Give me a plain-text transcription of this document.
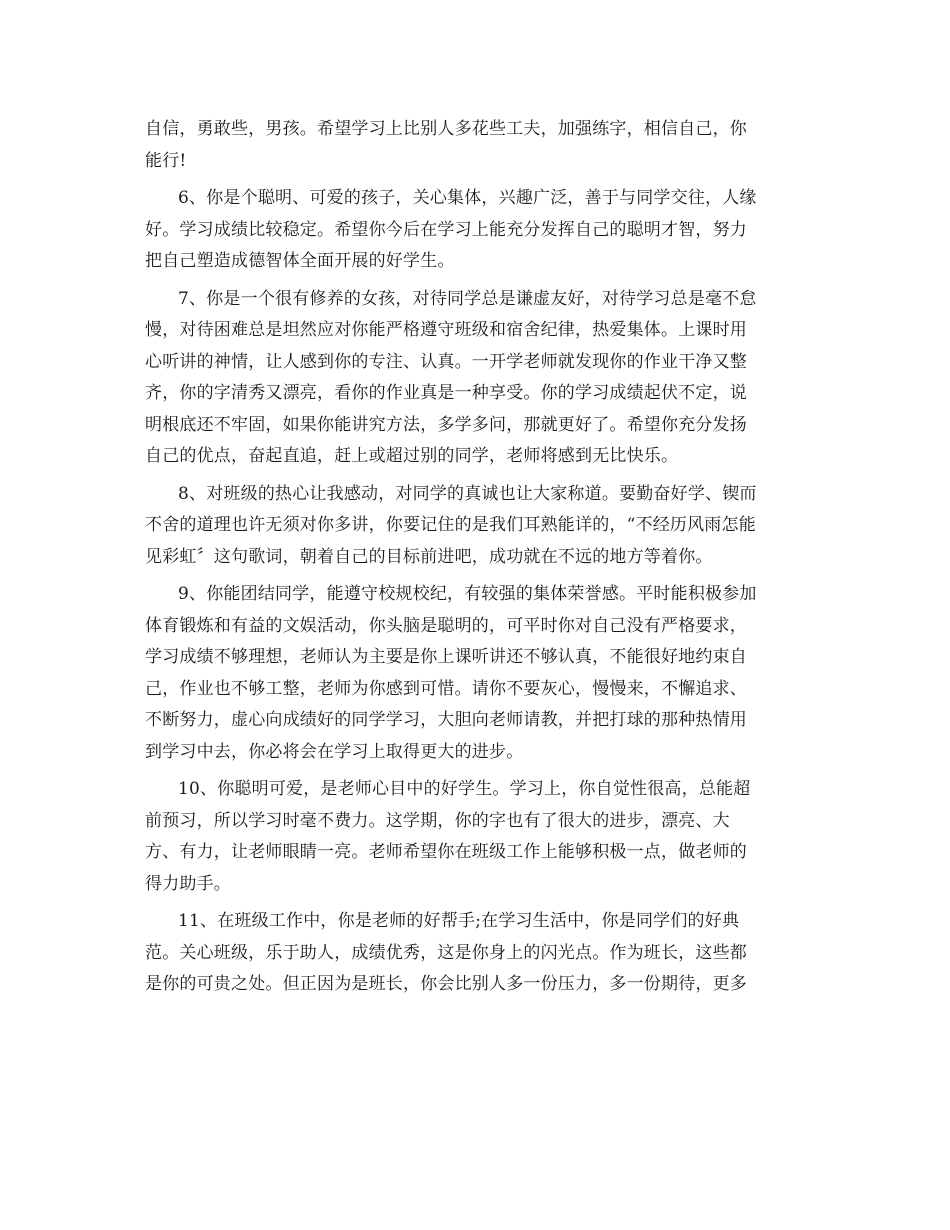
自信，勇敢些，男孩。希望学习上比别人多花些工夫，加强练字，相信自己，你
能行!
6、你是个聪明、可爱的孩子，关心集体，兴趣广泛，善于与同学交往，人缘
好。学习成绩比较稳定。希望你今后在学习上能充分发挥自己的聪明才智，努力
把自己塑造成德智体全面开展的好学生。
7、你是一个很有修养的女孩，对待同学总是谦虚友好，对待学习总是毫不怠
慢，对待困难总是坦然应对你能严格遵守班级和宿舍纪律，热爱集体。上课时用
心听讲的神情，让人感到你的专注、认真。一开学老师就发现你的作业干净又整
齐，你的字清秀又漂亮，看你的作业真是一种享受。你的学习成绩起伏不定，说
明根底还不牢固，如果你能讲究方法，多学多问，那就更好了。希望你充分发扬
自己的优点，奋起直追，赶上或超过别的同学，老师将感到无比快乐。
8、对班级的热心让我感动，对同学的真诚也让大家称道。要勤奋好学、锲而
不舍的道理也许无须对你多讲，你要记住的是我们耳熟能详的，“不经历风雨怎能
见彩虹〞这句歌词，朝着自己的目标前进吧，成功就在不远的地方等着你。
9、你能团结同学，能遵守校规校纪，有较强的集体荣誉感。平时能积极参加
体育锻炼和有益的文娱活动，你头脑是聪明的，可平时你对自己没有严格要求，
学习成绩不够理想，老师认为主要是你上课听讲还不够认真，不能很好地约束自
己，作业也不够工整，老师为你感到可惜。请你不要灰心，慢慢来，不懈追求、
不断努力，虚心向成绩好的同学学习，大胆向老师请教，并把打球的那种热情用
到学习中去，你必将会在学习上取得更大的进步。
10、你聪明可爱，是老师心目中的好学生。学习上，你自觉性很高，总能超
前预习，所以学习时毫不费力。这学期，你的字也有了很大的进步，漂亮、大
方、有力，让老师眼睛一亮。老师希望你在班级工作上能够积极一点，做老师的
得力助手。
11、在班级工作中，你是老师的好帮手;在学习生活中，你是同学们的好典
范。关心班级，乐于助人，成绩优秀，这是你身上的闪光点。作为班长，这些都
是你的可贵之处。但正因为是班长，你会比别人多一份压力，多一份期待，更多
